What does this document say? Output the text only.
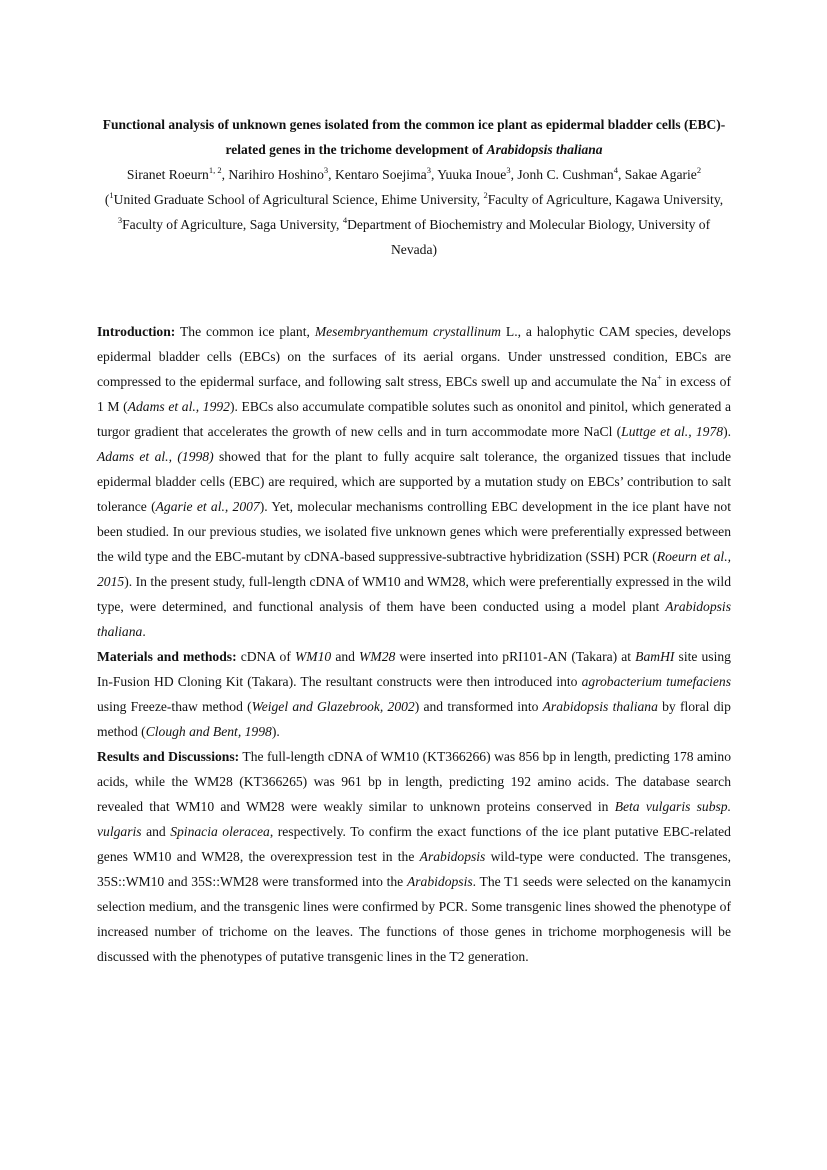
Functional analysis of unknown genes isolated from the common ice plant as epidermal bladder cells (EBC)-related genes in the trichome development of Arabidopsis thaliana

Siranet Roeurn$^{1, 2}$, Narihiro Hoshino$^3$, Kentaro Soejima$^3$, Yuuka Inoue$^3$, Jonh C. Cushman$^4$, Sakae Agarie$^2$

($^1$United Graduate School of Agricultural Science, Ehime University, $^2$Faculty of Agriculture, Kagawa University, $^3$Faculty of Agriculture, Saga University, $^4$Department of Biochemistry and Molecular Biology, University of Nevada)

Introduction: The common ice plant, Mesembryanthemum crystallinum L., a halophytic CAM species, develops epidermal bladder cells (EBCs) on the surfaces of its aerial organs. Under unstressed condition, EBCs are compressed to the epidermal surface, and following salt stress, EBCs swell up and accumulate the Na+ in excess of 1 M (Adams et al., 1992). EBCs also accumulate compatible solutes such as ononitol and pinitol, which generated a turgor gradient that accelerates the growth of new cells and in turn accommodate more NaCl (Luttge et al., 1978). Adams et al., (1998) showed that for the plant to fully acquire salt tolerance, the organized tissues that include epidermal bladder cells (EBC) are required, which are supported by a mutation study on EBCs’ contribution to salt tolerance (Agarie et al., 2007). Yet, molecular mechanisms controlling EBC development in the ice plant have not been studied. In our previous studies, we isolated five unknown genes which were preferentially expressed between the wild type and the EBC-mutant by cDNA-based suppressive-subtractive hybridization (SSH) PCR (Roeurn et al., 2015). In the present study, full-length cDNA of WM10 and WM28, which were preferentially expressed in the wild type, were determined, and functional analysis of them have been conducted using a model plant Arabidopsis thaliana.

Materials and methods: cDNA of WM10 and WM28 were inserted into pRI101-AN (Takara) at BamHI site using In-Fusion HD Cloning Kit (Takara). The resultant constructs were then introduced into agrobacterium tumefaciens using Freeze-thaw method (Weigel and Glazebrook, 2002) and transformed into Arabidopsis thaliana by floral dip method (Clough and Bent, 1998).

Results and Discussions: The full-length cDNA of WM10 (KT366266) was 856 bp in length, predicting 178 amino acids, while the WM28 (KT366265) was 961 bp in length, predicting 192 amino acids. The database search revealed that WM10 and WM28 were weakly similar to unknown proteins conserved in Beta vulgaris subsp. vulgaris and Spinacia oleracea, respectively. To confirm the exact functions of the ice plant putative EBC-related genes WM10 and WM28, the overexpression test in the Arabidopsis wild-type were conducted. The transgenes, 35S::WM10 and 35S::WM28 were transformed into the Arabidopsis. The T1 seeds were selected on the kanamycin selection medium, and the transgenic lines were confirmed by PCR. Some transgenic lines showed the phenotype of increased number of trichome on the leaves. The functions of those genes in trichome morphogenesis will be discussed with the phenotypes of putative transgenic lines in the T2 generation.
